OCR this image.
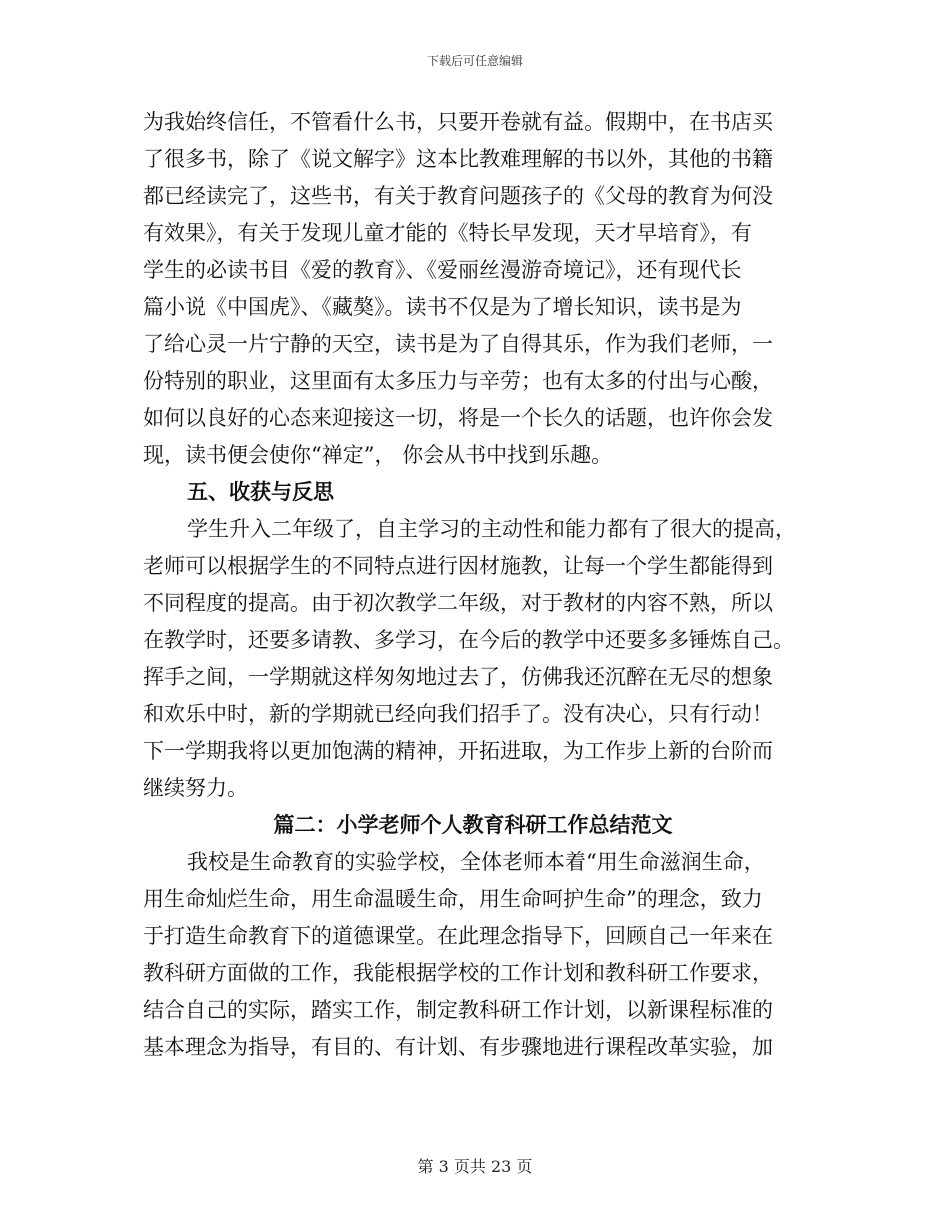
下载后可任意编辑
为我始终信任，不管看什么书，只要开卷就有益。假期中，在书店买
了很多书，除了《说文解字》这本比教难理解的书以外，其他的书籍
都已经读完了，这些书，有关于教育问题孩子的《父母的教育为何没
有效果》，有关于发现儿童才能的《特长早发现，天才早培育》，有
学生的必读书目《爱的教育》、《爱丽丝漫游奇境记》，还有现代长
篇小说《中国虎》、《藏獒》。读书不仅是为了增长知识，读书是为
了给心灵一片宁静的天空，读书是为了自得其乐，作为我们老师，一
份特别的职业，这里面有太多压力与辛劳；也有太多的付出与心酸，
如何以良好的心态来迎接这一切，将是一个长久的话题，也许你会发
现，读书便会使你“禅定”， 你会从书中找到乐趣。
五、收获与反思
学生升入二年级了，自主学习的主动性和能力都有了很大的提高，
老师可以根据学生的不同特点进行因材施教，让每一个学生都能得到
不同程度的提高。由于初次教学二年级，对于教材的内容不熟，所以
在教学时，还要多请教、多学习，在今后的教学中还要多多锤炼自己。
挥手之间，一学期就这样匆匆地过去了，仿佛我还沉醉在无尽的想象
和欢乐中时，新的学期就已经向我们招手了。没有决心，只有行动！
下一学期我将以更加饱满的精神，开拓进取，为工作步上新的台阶而
继续努力。
篇二：小学老师个人教育科研工作总结范文
我校是生命教育的实验学校，全体老师本着“用生命滋润生命，
用生命灿烂生命，用生命温暖生命，用生命呵护生命”的理念，致力
于打造生命教育下的道德课堂。在此理念指导下，回顾自己一年来在
教科研方面做的工作，我能根据学校的工作计划和教科研工作要求，
结合自己的实际，踏实工作，制定教科研工作计划，以新课程标准的
基本理念为指导，有目的、有计划、有步骤地进行课程改革实验，加
第 3 页共 23 页
